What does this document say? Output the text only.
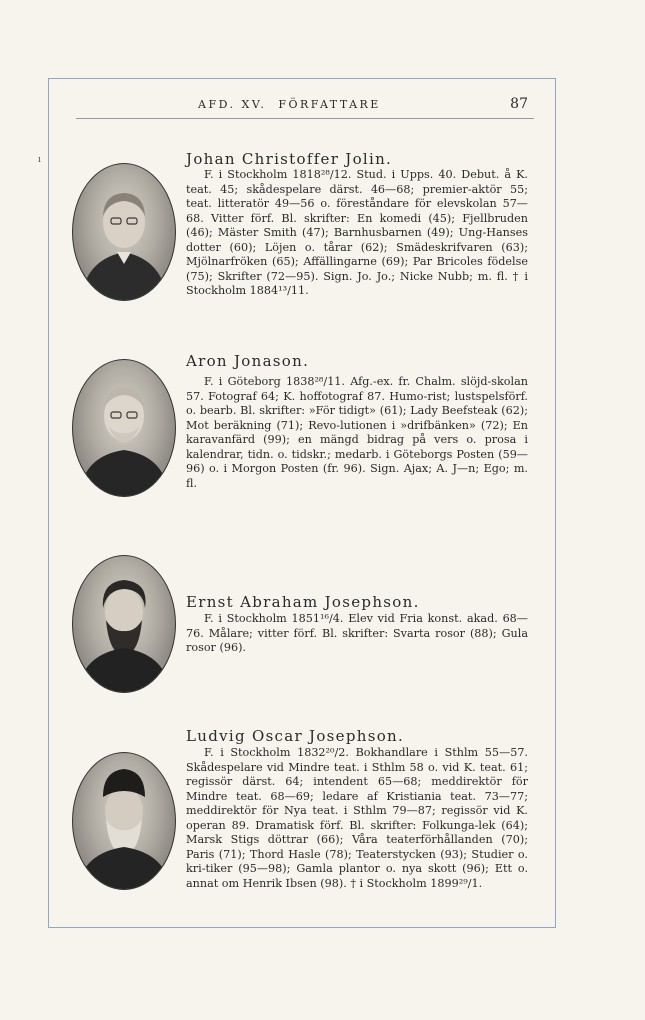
ı
AFD. XV.  FÖRFATTARE	87
Johan Christoffer Jolin.
F. i Stockholm 1818²⁸/12. Stud. i Upps. 40. Debut. å K. teat. 45; skådespelare därst. 46—68; premier-aktör 55; teat. litteratör 49—56 o. föreståndare för elevskolan 57—68. Vitter förf. Bl. skrifter: En komedi (45); Fjellbruden (46); Mäster Smith (47); Barnhusbarnen (49); Ung-Hanses dotter (60); Löjen o. tårar (62); Smädeskrifvaren (63); Mjölnarfröken (65); Affällingarne (69); Par Bricoles födelse (75); Skrifter (72—95). Sign. Jo. Jo.; Nicke Nubb; m. fl. † i Stockholm 1884¹³/11.
Aron Jonason.
F. i Göteborg 1838²⁸/11. Afg.-ex. fr. Chalm. slöjd-skolan 57. Fotograf 64; K. hoffotograf 87. Humo-rist; lustspelsförf. o. bearb. Bl. skrifter: »För tidigt» (61); Lady Beefsteak (62); Mot beräkning (71); Revo-lutionen i »drifbänken» (72); En karavanfärd (99); en mängd bidrag på vers o. prosa i kalendrar, tidn. o. tidskr.; medarb. i Göteborgs Posten (59—96) o. i Morgon Posten (fr. 96). Sign. Ajax; A. J—n; Ego; m. fl.
Ernst Abraham Josephson.
F. i Stockholm 1851¹⁶/4. Elev vid Fria konst. akad. 68—76. Målare; vitter förf. Bl. skrifter: Svarta rosor (88); Gula rosor (96).
Ludvig Oscar Josephson.
F. i Stockholm 1832²⁰/2. Bokhandlare i Sthlm 55—57. Skådespelare vid Mindre teat. i Sthlm 58 o. vid K. teat. 61; regissör därst. 64; intendent 65—68; meddirektör för Mindre teat. 68—69; ledare af Kristiania teat. 73—77; meddirektör för Nya teat. i Sthlm 79—87; regissör vid K. operan 89. Dramatisk förf. Bl. skrifter: Folkunga-lek (64); Marsk Stigs döttrar (66); Våra teaterförhållanden (70); Paris (71); Thord Hasle (78); Teaterstycken (93); Studier o. kri-tiker (95—98); Gamla plantor o. nya skott (96); Ett o. annat om Henrik Ibsen (98). † i Stockholm 1899²⁹/1.
